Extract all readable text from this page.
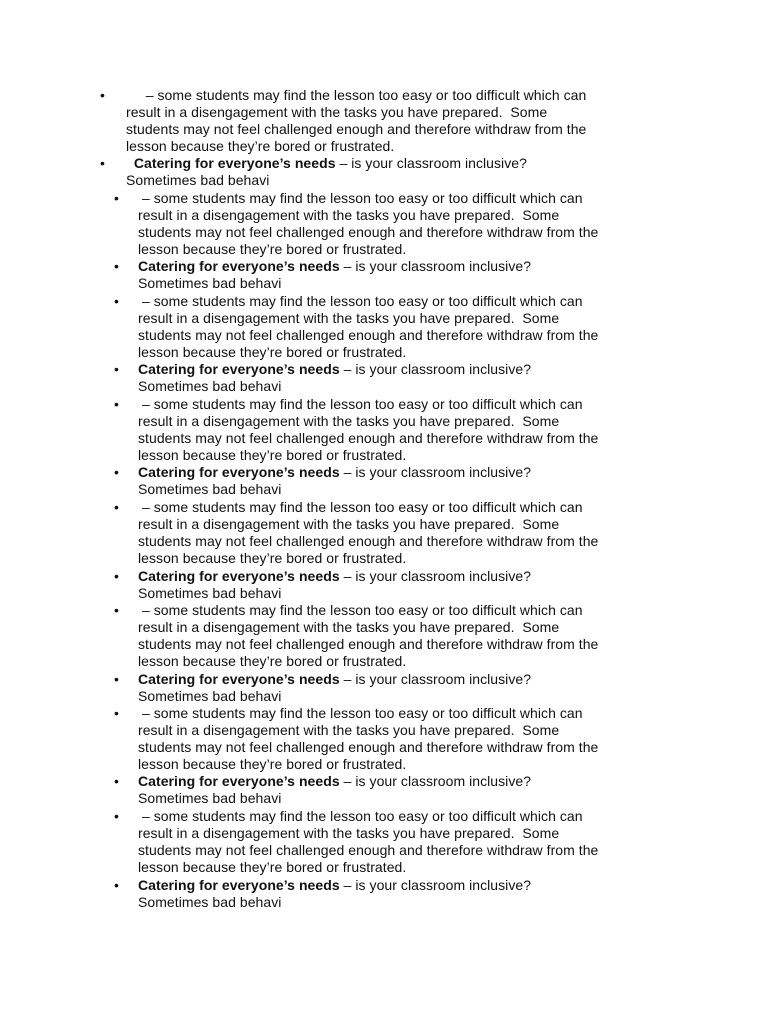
• – some students may find the lesson too easy or too difficult which can
result in a disengagement with the tasks you have prepared.  Some
students may not feel challenged enough and therefore withdraw from the
lesson because they’re bored or frustrated.
• Catering for everyone’s needs – is your classroom inclusive?
Sometimes bad behavi
• – some students may find the lesson too easy or too difficult which can
result in a disengagement with the tasks you have prepared.  Some
students may not feel challenged enough and therefore withdraw from the
lesson because they’re bored or frustrated.
• Catering for everyone’s needs – is your classroom inclusive?
Sometimes bad behavi
• – some students may find the lesson too easy or too difficult which can
result in a disengagement with the tasks you have prepared.  Some
students may not feel challenged enough and therefore withdraw from the
lesson because they’re bored or frustrated.
• Catering for everyone’s needs – is your classroom inclusive?
Sometimes bad behavi
• – some students may find the lesson too easy or too difficult which can
result in a disengagement with the tasks you have prepared.  Some
students may not feel challenged enough and therefore withdraw from the
lesson because they’re bored or frustrated.
• Catering for everyone’s needs – is your classroom inclusive?
Sometimes bad behavi
• – some students may find the lesson too easy or too difficult which can
result in a disengagement with the tasks you have prepared.  Some
students may not feel challenged enough and therefore withdraw from the
lesson because they’re bored or frustrated.
• Catering for everyone’s needs – is your classroom inclusive?
Sometimes bad behavi
• – some students may find the lesson too easy or too difficult which can
result in a disengagement with the tasks you have prepared.  Some
students may not feel challenged enough and therefore withdraw from the
lesson because they’re bored or frustrated.
• Catering for everyone’s needs – is your classroom inclusive?
Sometimes bad behavi
• – some students may find the lesson too easy or too difficult which can
result in a disengagement with the tasks you have prepared.  Some
students may not feel challenged enough and therefore withdraw from the
lesson because they’re bored or frustrated.
• Catering for everyone’s needs – is your classroom inclusive?
Sometimes bad behavi
• – some students may find the lesson too easy or too difficult which can
result in a disengagement with the tasks you have prepared.  Some
students may not feel challenged enough and therefore withdraw from the
lesson because they’re bored or frustrated.
• Catering for everyone’s needs – is your classroom inclusive?
Sometimes bad behavi
